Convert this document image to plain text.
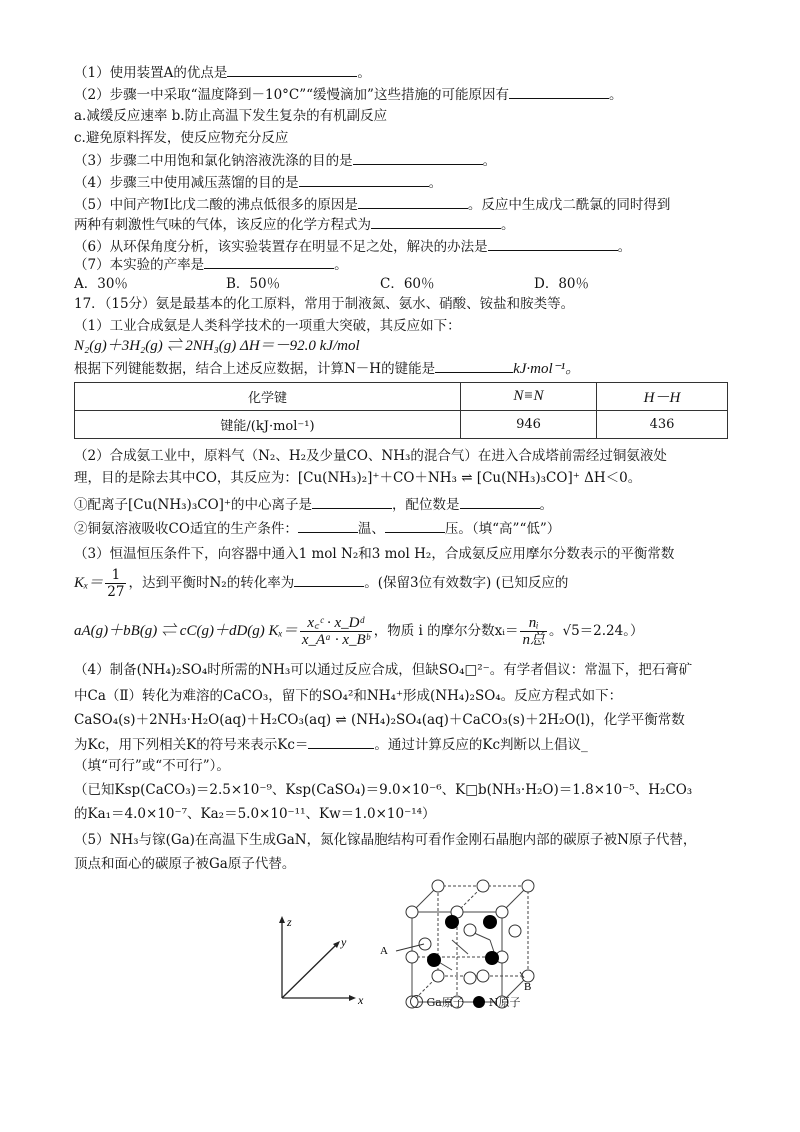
（1）使用装置A的优点是	。
（2）步骤一中采取“温度降到－10°C”“缓慢滴加”这些措施的可能原因有	。
a.减缓反应速率 b.防止高温下发生复杂的有机副反应
c.避免原料挥发，使反应物充分反应
（3）步骤二中用饱和氯化钠溶液洗涤的目的是	。
（4）步骤三中使用减压蒸馏的目的是	。
（5）中间产物Ⅰ比戊二酸的沸点低很多的原因是	。反应中生成戊二酰氯的同时得到
两种有刺激性气味的气体，该反应的化学方程式为	。
（6）从环保角度分析，该实验装置存在明显不足之处，解决的办法是	。
（7）本实验的产率是	。
A．30％	B．50％	C．60％	D．80％
17．（15分）氨是最基本的化工原料，常用于制液氮、氨水、硝酸、铵盐和胺类等。
（1）工业合成氨是人类科学技术的一项重大突破，其反应如下：
N₂(g)＋3H₂(g) ⇌ 2NH₃(g) ΔH＝－92.0 kJ/mol
根据下列键能数据，结合上述反应数据，计算N－H的键能是	kJ·mol⁻¹。
化学键	N≡N	H－H
键能/(kJ·mol⁻¹)	946	436
（2）合成氨工业中，原料气（N₂、H₂及少量CO、NH₃的混合气）在进入合成塔前需经过铜氨液处
理，目的是除去其中CO，其反应为：[Cu(NH₃)₂]⁺＋CO＋NH₃ ⇌ [Cu(NH₃)₃CO]⁺ ΔH＜0。
①配离子[Cu(NH₃)₃CO]⁺的中心离子是	，配位数是	。
②铜氨溶液吸收CO适宜的生产条件：	温、	压。（填“高”“低”）
（3）恒温恒压条件下，向容器中通入1 mol N₂和3 mol H₂，合成氨反应用摩尔分数表示的平衡常数
$K_x= \frac{1}{27}$ ，达到平衡时N₂的转化率为	。(保留3位有效数字) (已知反应的
aA(g)＋bB(g) ⇌ cC(g)＋dD(g) $K_x= \frac{\text{x꜀ᶜ · x\_Dᵈ}}{\text{x\_Aᵃ · x\_Bᵇ}}$ ，物质 i 的摩尔分数xᵢ＝ $\frac{\text{nᵢ}}{\text{n总}}$ 。√5＝2.24。）
（4）制备(NH₄)₂SO₄时所需的NH₃可以通过反应合成，但缺SO₄□²⁻。有学者倡议：常温下，把石膏矿
中Ca（Ⅱ）转化为难溶的CaCO₃，留下的SO₄²和NH₄⁺形成(NH₄)₂SO₄。反应方程式如下：
CaSO₄(s)＋2NH₃·H₂O(aq)＋H₂CO₃(aq) ⇌ (NH₄)₂SO₄(aq)＋CaCO₃(s)＋2H₂O(l)，化学平衡常数
为Kc，用下列相关K的符号来表示Kc＝	。通过计算反应的Kc判断以上倡议_
（填“可行”或“不可行”）。
（已知Ksp(CaCO₃)＝2.5×10⁻⁹、Ksp(CaSO₄)＝9.0×10⁻⁶、K□b(NH₃·H₂O)＝1.8×10⁻⁵、H₂CO₃
的Ka₁＝4.0×10⁻⁷、Ka₂＝5.0×10⁻¹¹、Kw＝1.0×10⁻¹⁴）
（5）NH₃与镓(Ga)在高温下生成GaN，氮化镓晶胞结构可看作金刚石晶胞内部的碳原子被N原子代替，
顶点和面心的碳原子被Ga原子代替。
z
y
x
A
B
Ga原子 N原子
